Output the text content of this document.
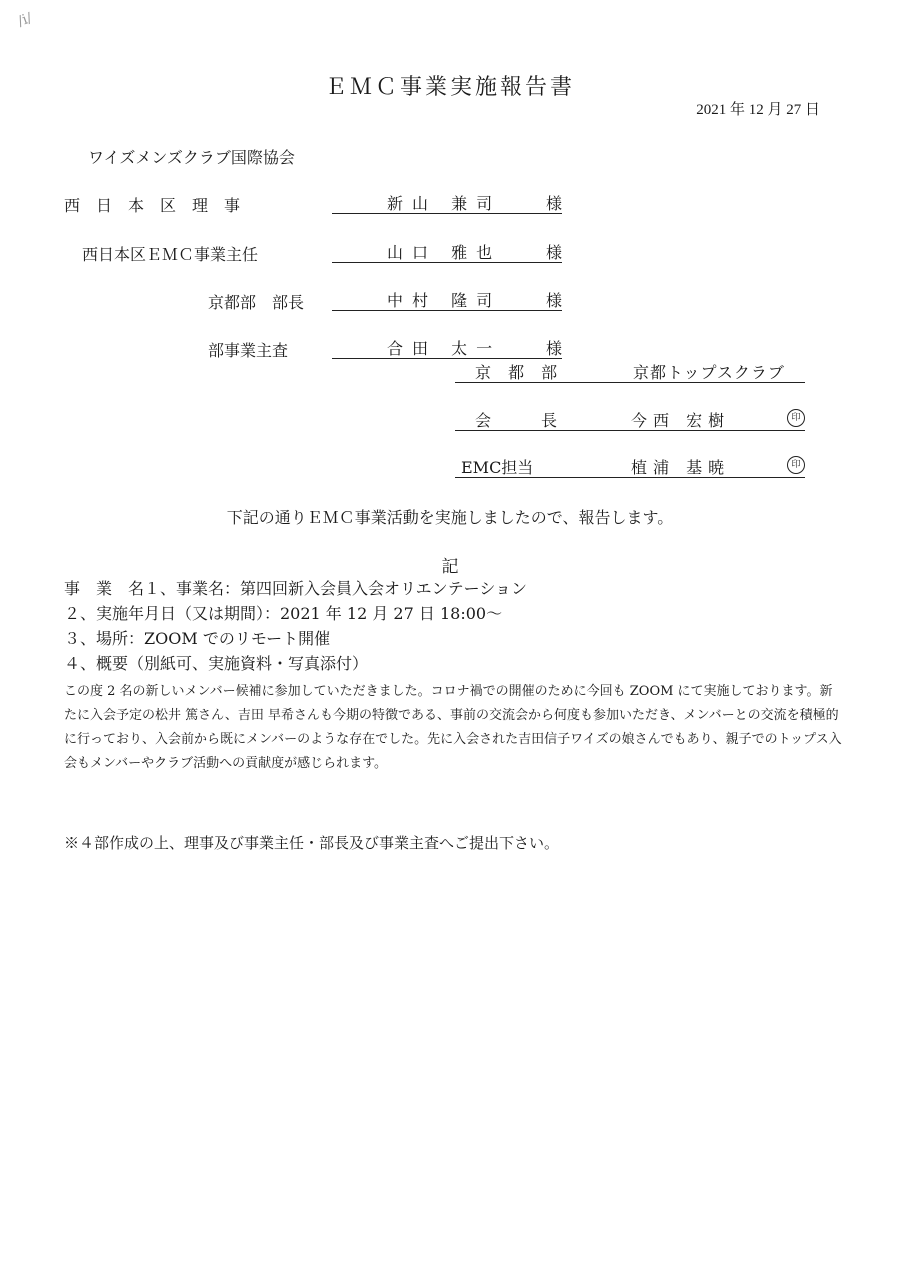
/i/
ＥＭＣ事業実施報告書
2021 年 12 月 27 日
ワイズメンズクラブ国際協会
西　日　本　区　理　事	新山 兼司	様
西日本区ＥＭＣ事業主任	山口 雅也	様
京都部　部長	中村 隆司	様
部事業主査	合田 太一	様
京 都 部	京都トップスクラブ
会　　長	今西 宏樹	印
EMC担当	植浦 基暁	印
下記の通りＥＭＣ事業活動を実施しましたので、報告します。
記
事　業　名１、事業名：第四回新入会員入会オリエンテーション
２、実施年月日（又は期間）：2021 年 12 月 27 日 18:00～
３、場所：ZOOM でのリモート開催
４、概要（別紙可、実施資料・写真添付）
この度 2 名の新しいメンバー候補に参加していただきました。コロナ禍での開催のために今回も ZOOM にて実施しております。新たに入会予定の松井 篤さん、吉田 早希さんも今期の特徴である、事前の交流会から何度も参加いただき、メンバーとの交流を積極的に行っており、入会前から既にメンバーのような存在でした。先に入会された吉田信子ワイズの娘さんでもあり、親子でのトップス入会もメンバーやクラブ活動への貢献度が感じられます。
※４部作成の上、理事及び事業主任・部長及び事業主査へご提出下さい。
